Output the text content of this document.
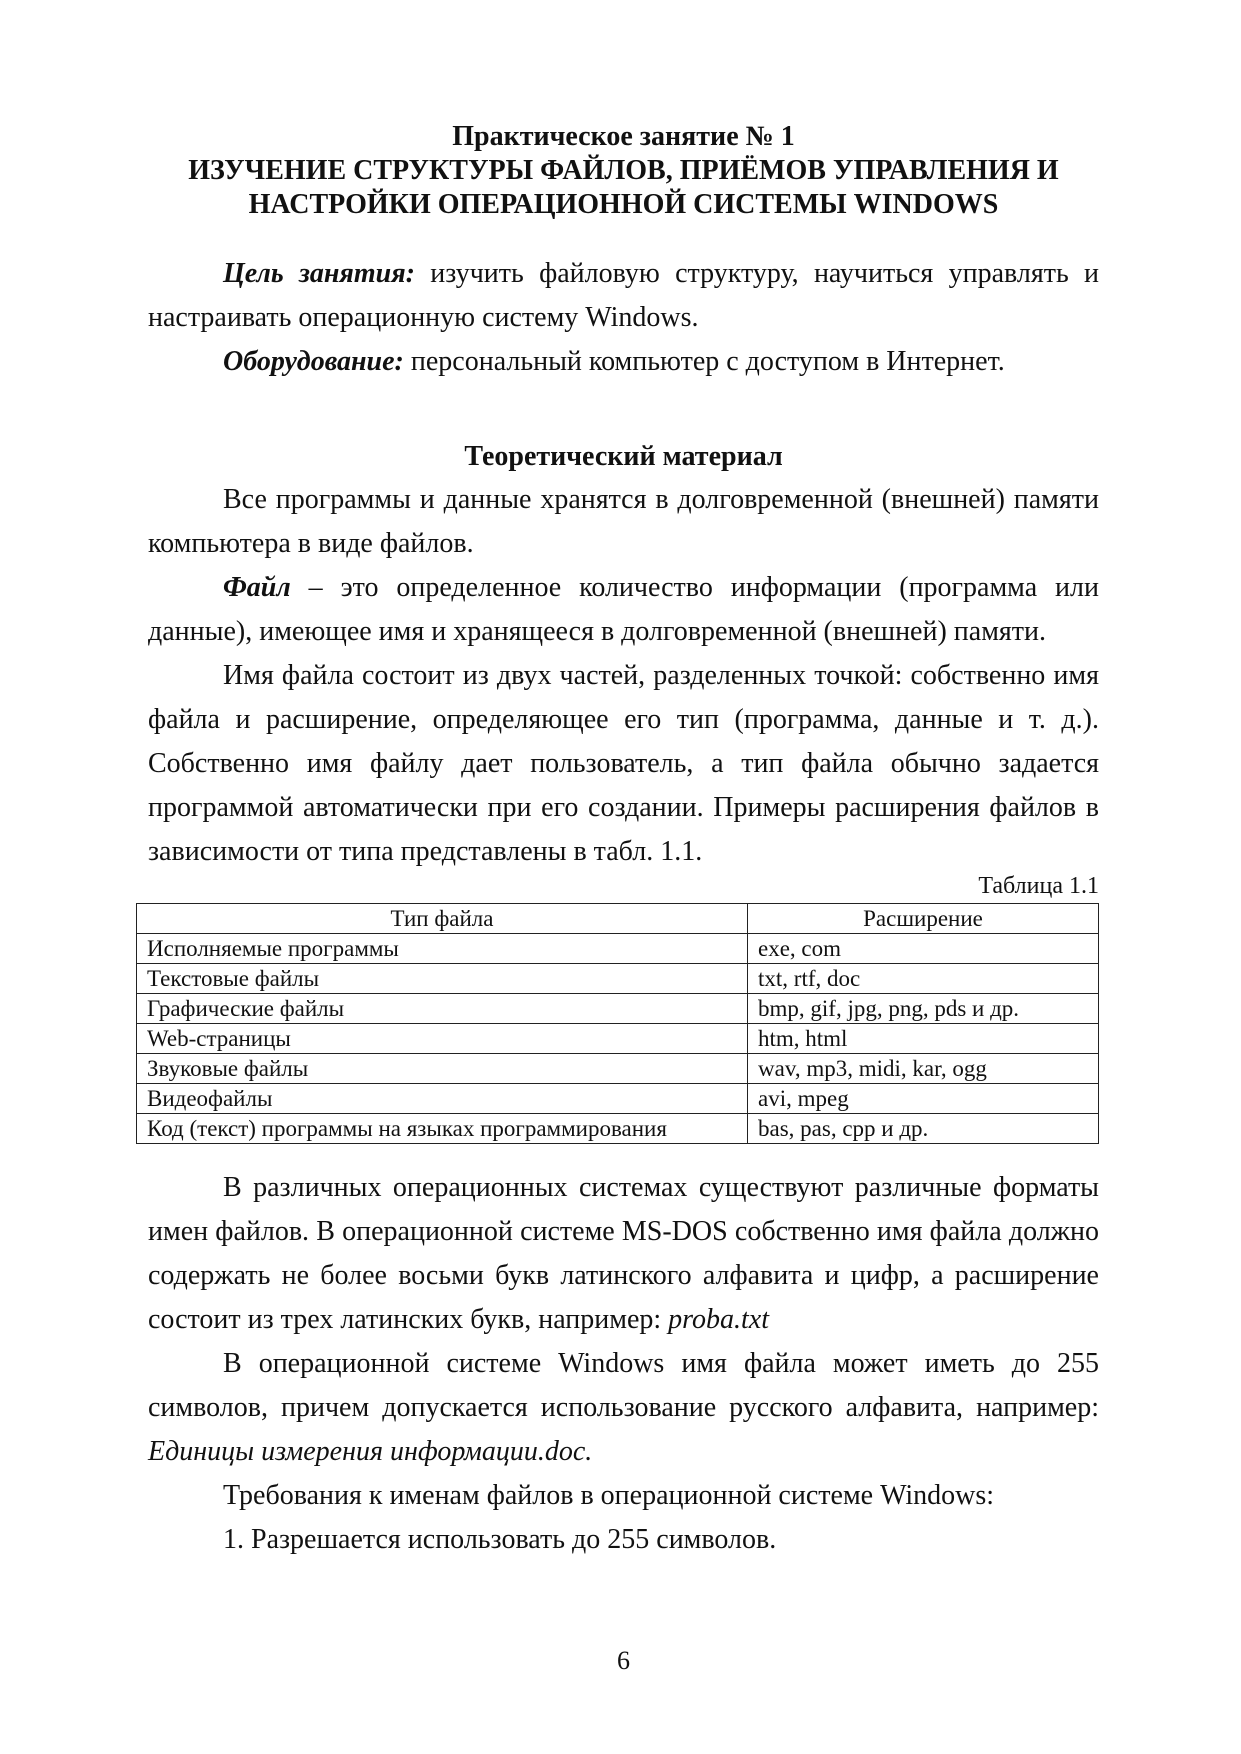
Практическое занятие № 1
ИЗУЧЕНИЕ СТРУКТУРЫ ФАЙЛОВ, ПРИЁМОВ УПРАВЛЕНИЯ И
НАСТРОЙКИ ОПЕРАЦИОННОЙ СИСТЕМЫ WINDOWS

Цель занятия: изучить файловую структуру, научиться управлять и настраивать операционную систему Windows.

Оборудование: персональный компьютер с доступом в Интернет.

Теоретический материал

Все программы и данные хранятся в долговременной (внешней) памяти компьютера в виде файлов.

Файл – это определенное количество информации (программа или данные), имеющее имя и хранящееся в долговременной (внешней) памяти.

Имя файла состоит из двух частей, разделенных точкой: собственно имя файла и расширение, определяющее его тип (программа, данные и т. д.). Собственно имя файлу дает пользователь, а тип файла обычно задается программой автоматически при его создании. Примеры расширения файлов в зависимости от типа представлены в табл. 1.1.

Таблица 1.1
Тип файла	Расширение
Исполняемые программы	exe, com
Текстовые файлы	txt, rtf, doc
Графические файлы	bmp, gif, jpg, png, pds и др.
Web-страницы	htm, html
Звуковые файлы	wav, mp3, midi, kar, ogg
Видеофайлы	avi, mpeg
Код (текст) программы на языках программирования	bas, pas, cpp и др.

В различных операционных системах существуют различные форматы имен файлов. В операционной системе MS-DOS собственно имя файла должно содержать не более восьми букв латинского алфавита и цифр, а расширение состоит из трех латинских букв, например: proba.txt

В операционной системе Windows имя файла может иметь до 255 символов, причем допускается использование русского алфавита, например: Единицы измерения информации.doc.

Требования к именам файлов в операционной системе Windows:

1. Разрешается использовать до 255 символов.

6
